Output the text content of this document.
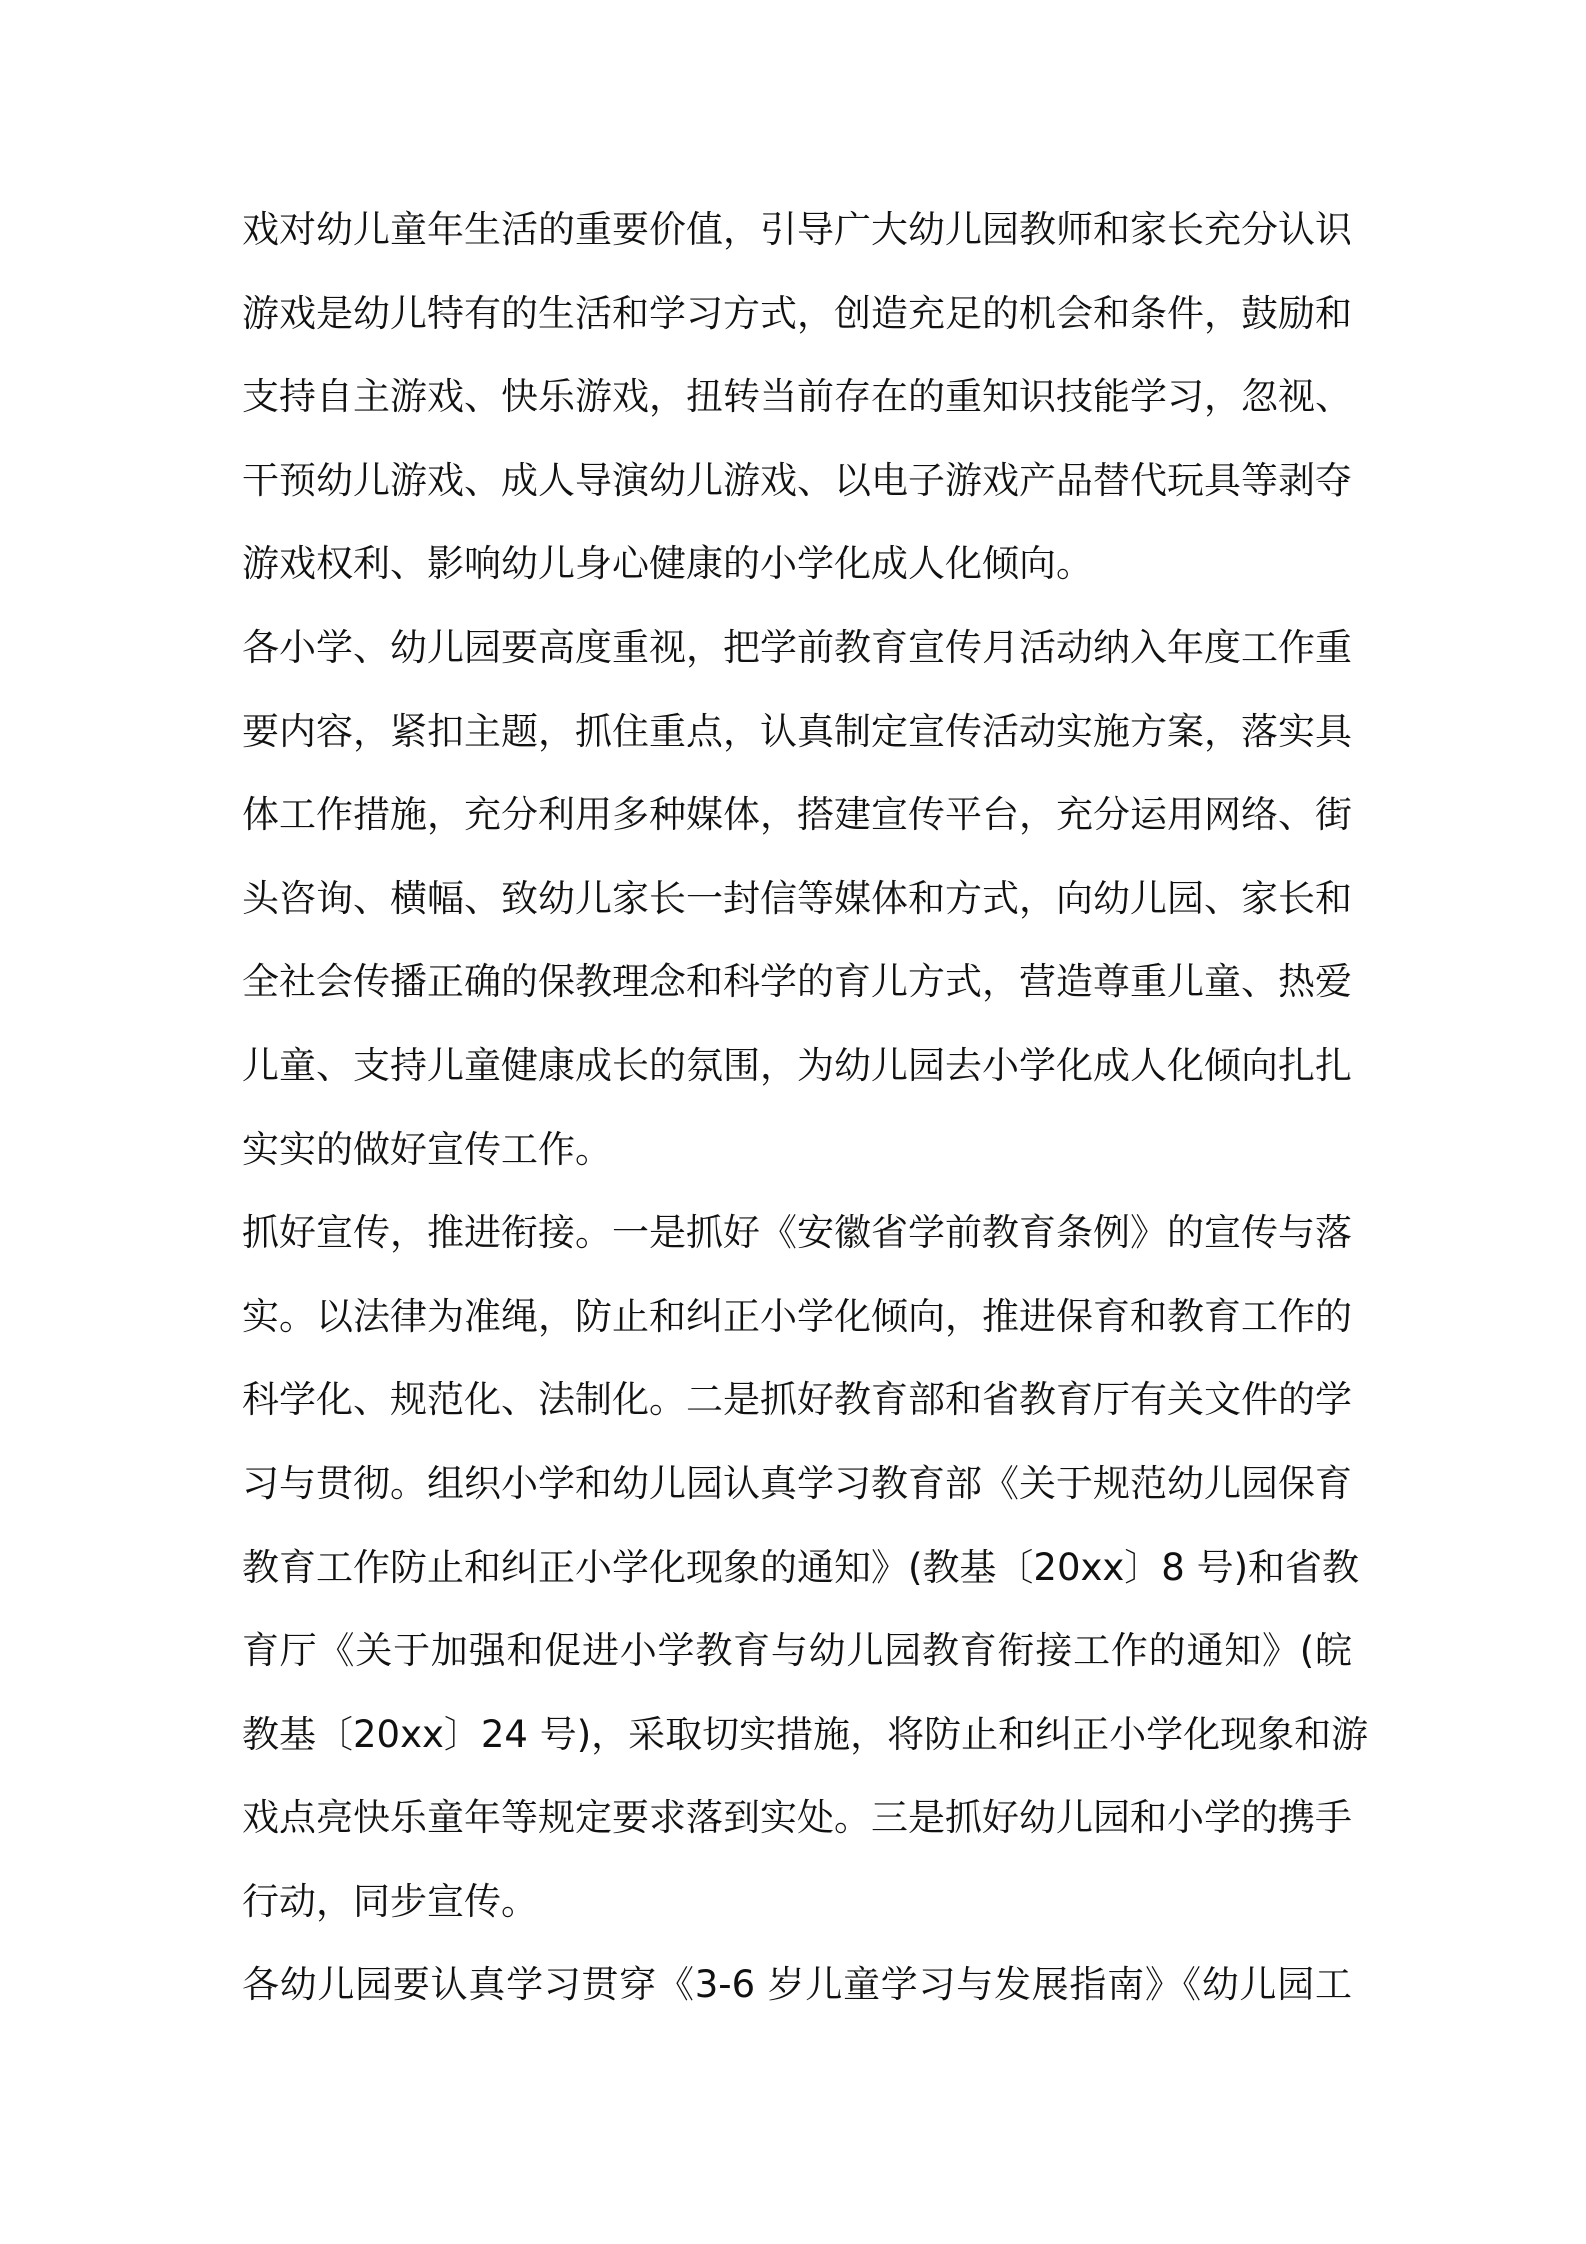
戏对幼儿童年生活的重要价值，引导广大幼儿园教师和家长充分认识
游戏是幼儿特有的生活和学习方式，创造充足的机会和条件，鼓励和
支持自主游戏、快乐游戏，扭转当前存在的重知识技能学习，忽视、
干预幼儿游戏、成人导演幼儿游戏、以电子游戏产品替代玩具等剥夺
游戏权利、影响幼儿身心健康的小学化成人化倾向。
各小学、幼儿园要高度重视，把学前教育宣传月活动纳入年度工作重
要内容，紧扣主题，抓住重点，认真制定宣传活动实施方案，落实具
体工作措施，充分利用多种媒体，搭建宣传平台，充分运用网络、街
头咨询、横幅、致幼儿家长一封信等媒体和方式，向幼儿园、家长和
全社会传播正确的保教理念和科学的育儿方式，营造尊重儿童、热爱
儿童、支持儿童健康成长的氛围，为幼儿园去小学化成人化倾向扎扎
实实的做好宣传工作。
抓好宣传，推进衔接。一是抓好《安徽省学前教育条例》的宣传与落
实。以法律为准绳，防止和纠正小学化倾向，推进保育和教育工作的
科学化、规范化、法制化。二是抓好教育部和省教育厅有关文件的学
习与贯彻。组织小学和幼儿园认真学习教育部《关于规范幼儿园保育
教育工作防止和纠正小学化现象的通知》(教基〔20xx〕8 号)和省教
育厅《关于加强和促进小学教育与幼儿园教育衔接工作的通知》(皖
教基〔20xx〕24 号)，采取切实措施，将防止和纠正小学化现象和游
戏点亮快乐童年等规定要求落到实处。三是抓好幼儿园和小学的携手
行动，同步宣传。
各幼儿园要认真学习贯穿《3-6 岁儿童学习与发展指南》《幼儿园工
